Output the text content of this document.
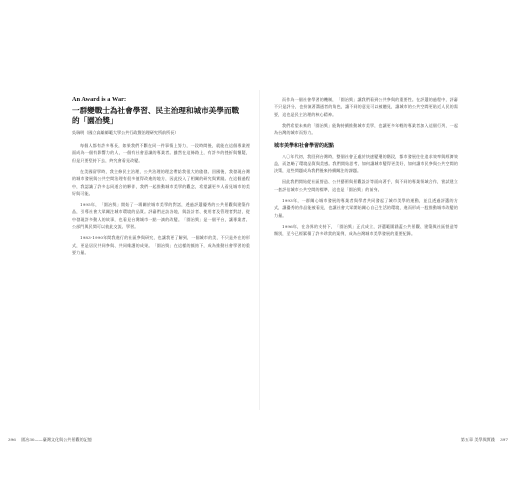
An Award is a War:
一群變戰士為社會學習、民主治理和城市美學而戰
的「園冶獎」
吳瑞明（國立高雄師範大學公共行政暨治理研究所前所長）

每個人都有許多專長，如果我們不斷在同一件事情上努力，一段時間後，就能在這個專業裡面成為一個有影響力的人，一個有社會意識的專業者。雖然在這條路上，有許多的挫折與懷疑，但是只要堅持下去，終究會看見改變。

在美國留學時，我主修民主治理，公共治理的理念帶給我很大的啟發。回國後，我發現台灣的城市發展與公共空間治理有很多值得改進的地方，因此投入了相關的研究與實踐。在這個過程中，我認識了許多志同道合的夥伴，我們一起推動城市美學的觀念，希望讓更多人看見城市的美好與可能。

1995年，「園冶獎」開始了一場關於城市美學的對話，透過評選優秀的公共景觀與建築作品，引導社會大眾關注城市環境的品質。評審們走訪各地，與設計者、使用者及管理者對話，從中發現許多動人的故事，也看見台灣城市一點一滴的改變。「園冶獎」是一個平台，讓專業者、公部門與民間可以彼此交流、學習。

1983-1990年間我進行的社區參與研究，也讓我更了解到，一個城市的美，不只是外在的形式，更是居民共同參與、共同維護的成果。「園冶獎」在這樣的脈絡下，成為推動社會學習的重要力量。

396 園冶30——臺灣文化與公共景觀的記憶

而作為一個社會學習的機制，「園冶獎」讓我們看到公共參與的重要性。在評選的過程中，評審不只是評分，也扮演著溝通者的角色，讓不同的意見可以被聽見，讓城市的公共空間更貼近人民的需要，這也是民主治理的核心精神。

我們希望未來的「園冶獎」能夠持續推動城市美學，也讓更多年輕的專業者加入這個行列，一起為台灣的城市而努力。

城市美學和社會學習的起點

八〇年代初，我回到台灣時，整個社會正處於快速變遷的階段，都市發展往往追求效率與經濟效益，而忽略了環境品質與美感。我們開始思考，如何讓城市變得更美好，如何讓市民參與公共空間的決策，這些問題成為我們後來持續關注的課題。

因此我們開始從社區營造、公共藝術與景觀設計等面向著手，與不同的專業領域合作，嘗試建立一套評估城市公共空間的標準，這也是「園冶獎」的前身。

1993年，一群關心城市發展的專業者與學者共同發起了城市美學的運動，並且透過評選的方式，讓優秀的作品能被看見，也讓社會大眾開始關心自己生活的環境，進而形成一股推動城市改變的力量。

1996年，在各界的支持下，「園冶獎」正式成立，評選範圍涵蓋公共景觀、建築與社區營造等類別，至今已經累積了許多珍貴的案例，成為台灣城市美學發展的重要紀錄。

第五章 美學與實踐 397
